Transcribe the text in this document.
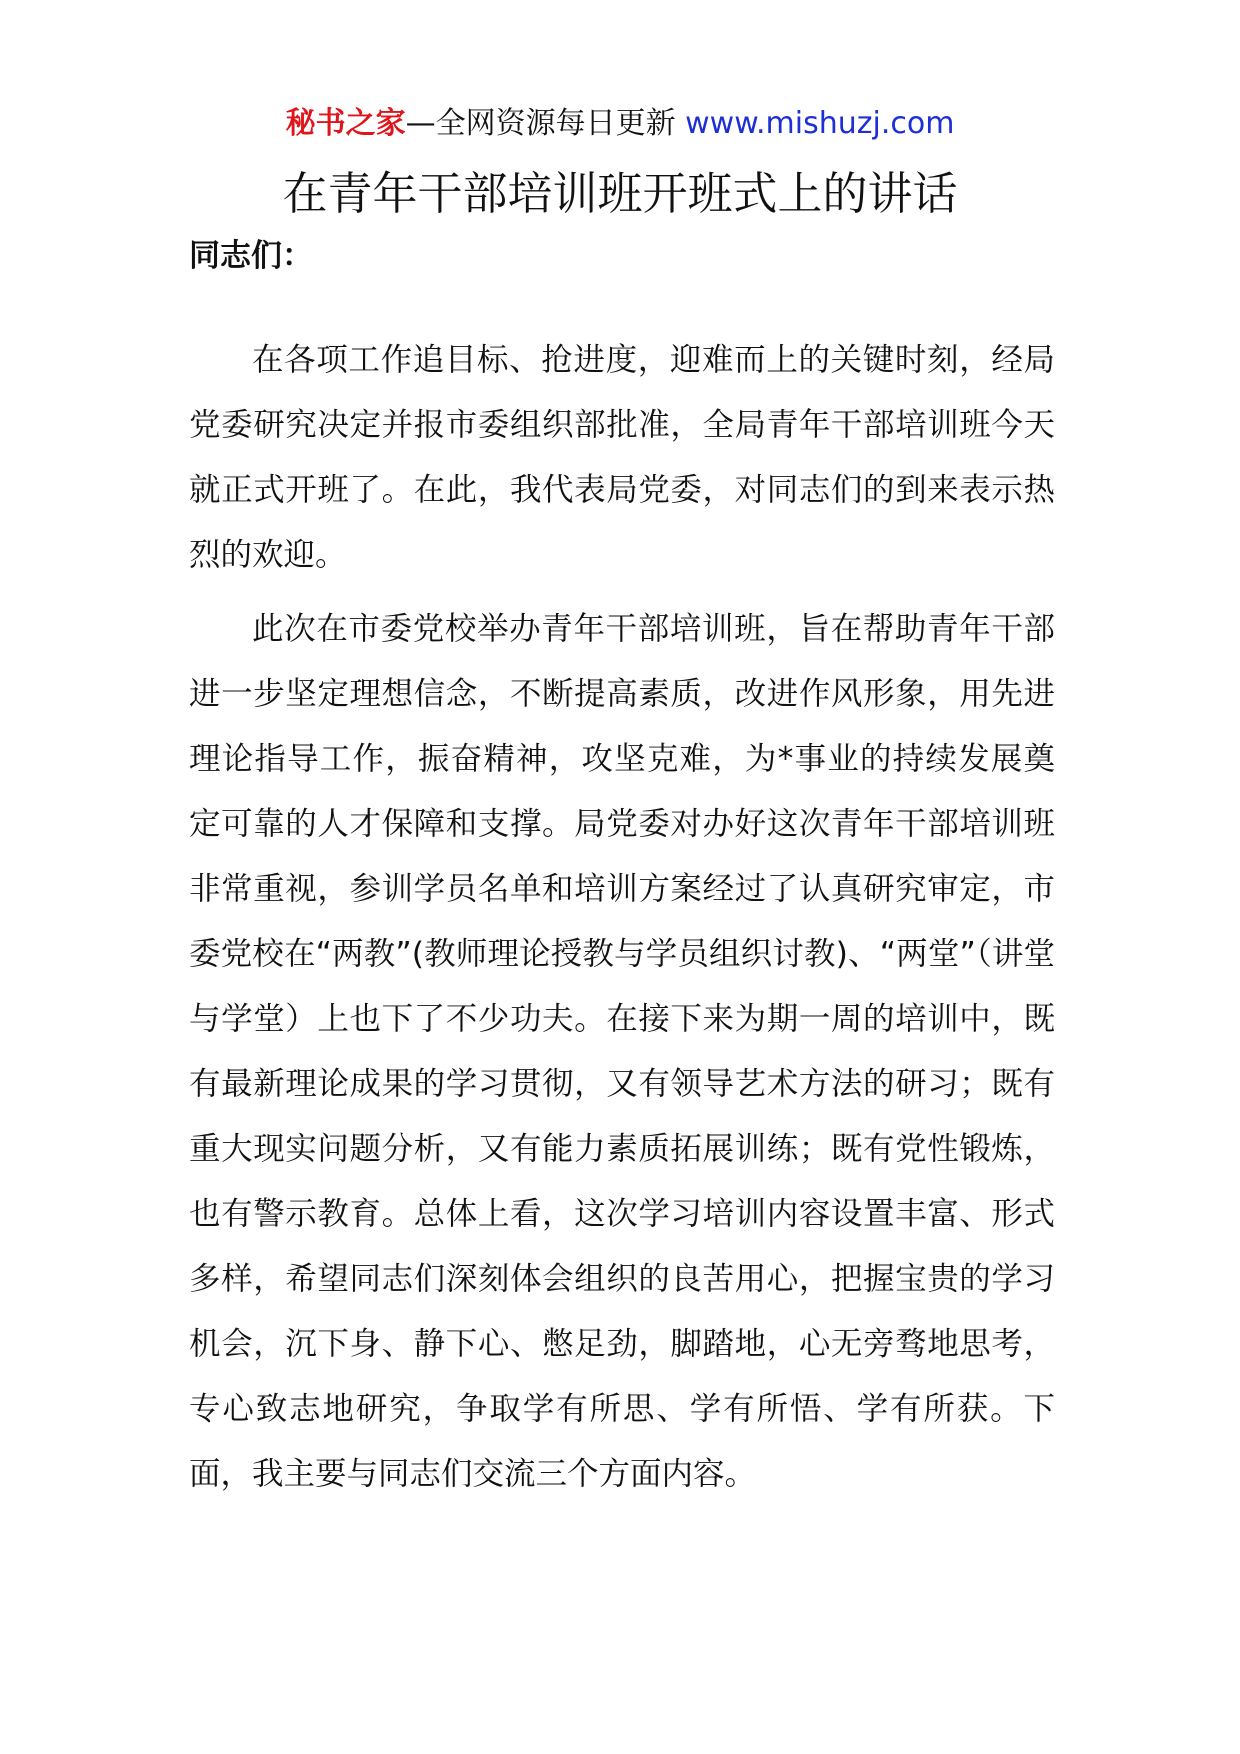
秘书之家—全网资源每日更新 www.mishuzj.com
在青年干部培训班开班式上的讲话

同志们：

在各项工作追目标、抢进度，迎难而上的关键时刻，经局党委研究决定并报市委组织部批准，全局青年干部培训班今天就正式开班了。在此，我代表局党委，对同志们的到来表示热烈的欢迎。

此次在市委党校举办青年干部培训班，旨在帮助青年干部进一步坚定理想信念，不断提高素质，改进作风形象，用先进理论指导工作，振奋精神，攻坚克难，为*事业的持续发展奠定可靠的人才保障和支撑。局党委对办好这次青年干部培训班非常重视，参训学员名单和培训方案经过了认真研究审定，市委党校在“两教”(教师理论授教与学员组织讨教)、“两堂”（讲堂与学堂）上也下了不少功夫。在接下来为期一周的培训中，既有最新理论成果的学习贯彻，又有领导艺术方法的研习；既有重大现实问题分析，又有能力素质拓展训练；既有党性锻炼，也有警示教育。总体上看，这次学习培训内容设置丰富、形式多样，希望同志们深刻体会组织的良苦用心，把握宝贵的学习机会，沉下身、静下心、憋足劲，脚踏地，心无旁骛地思考，专心致志地研究，争取学有所思、学有所悟、学有所获。下面，我主要与同志们交流三个方面内容。
